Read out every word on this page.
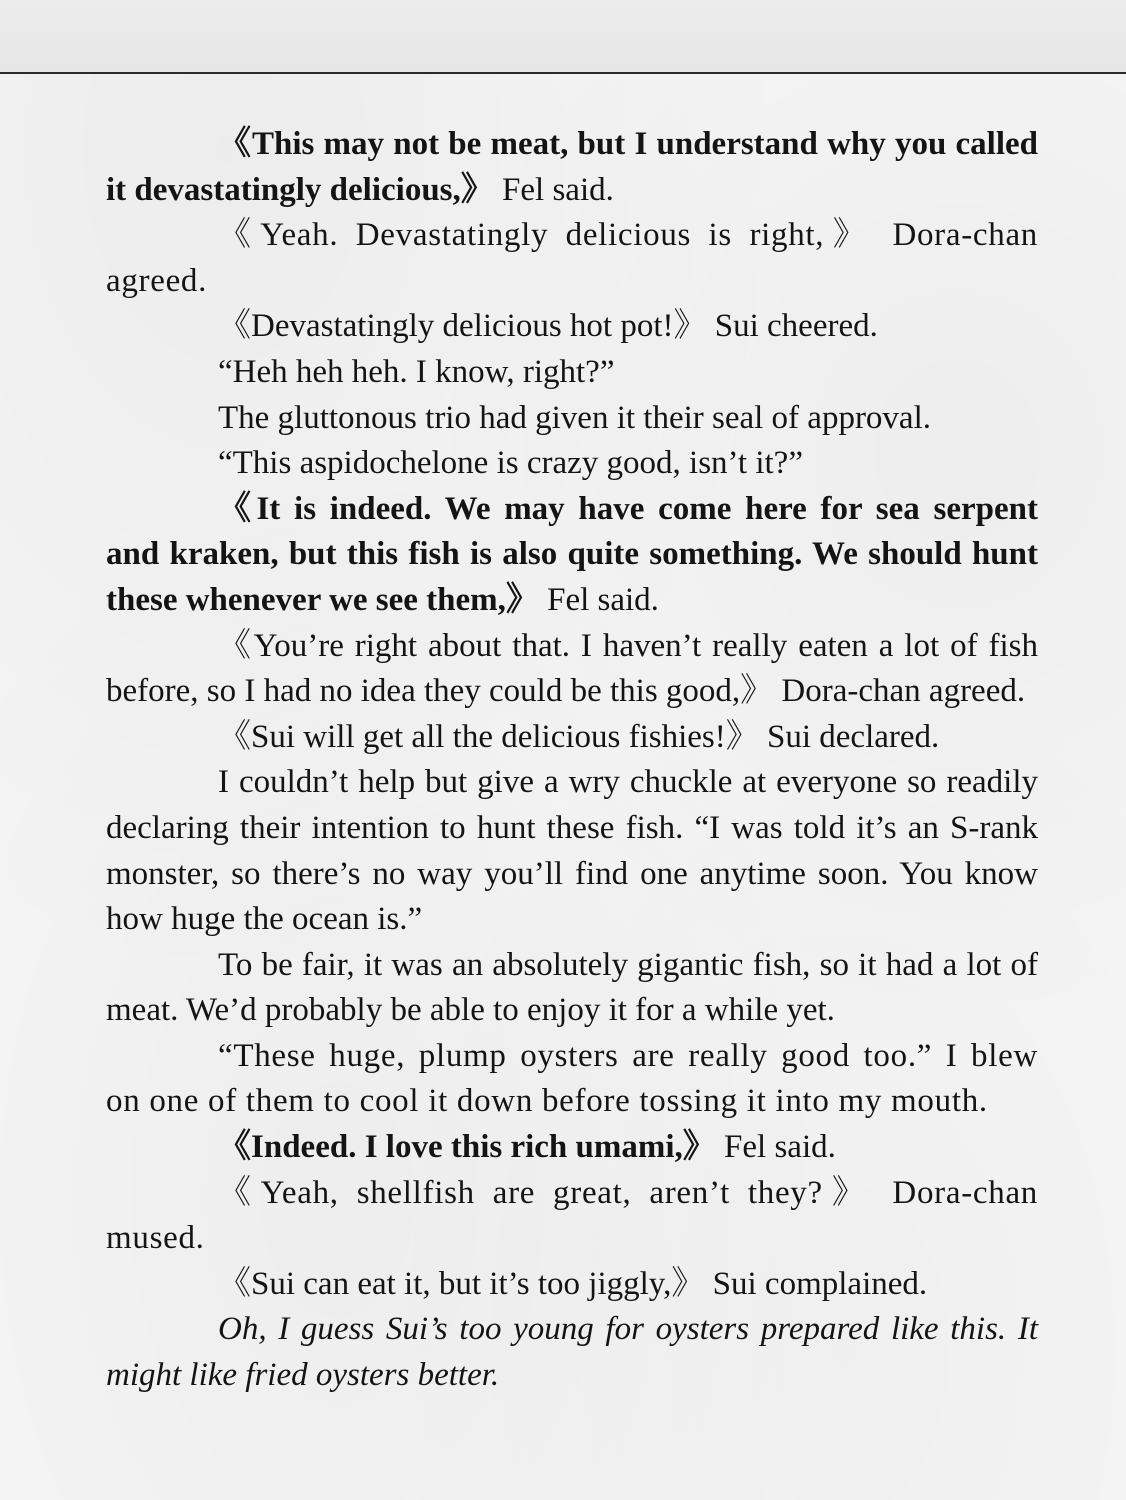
《This may not be meat, but I understand why you called it devastatingly delicious,》 Fel said.

《Yeah. Devastatingly delicious is right,》 Dora-chan agreed.

《Devastatingly delicious hot pot!》 Sui cheered.

“Heh heh heh. I know, right?”

The gluttonous trio had given it their seal of approval.

“This aspidochelone is crazy good, isn’t it?”

《It is indeed. We may have come here for sea serpent and kraken, but this fish is also quite something. We should hunt these whenever we see them,》 Fel said.

《You’re right about that. I haven’t really eaten a lot of fish before, so I had no idea they could be this good,》 Dora-chan agreed.

《Sui will get all the delicious fishies!》 Sui declared.

I couldn’t help but give a wry chuckle at everyone so readily declaring their intention to hunt these fish. “I was told it’s an S-rank monster, so there’s no way you’ll find one anytime soon. You know how huge the ocean is.”

To be fair, it was an absolutely gigantic fish, so it had a lot of meat. We’d probably be able to enjoy it for a while yet.

“These huge, plump oysters are really good too.” I blew on one of them to cool it down before tossing it into my mouth.

《Indeed. I love this rich umami,》 Fel said.

《Yeah, shellfish are great, aren’t they?》 Dora-chan mused.

《Sui can eat it, but it’s too jiggly,》 Sui complained.

Oh, I guess Sui’s too young for oysters prepared like this. It might like fried oysters better.
